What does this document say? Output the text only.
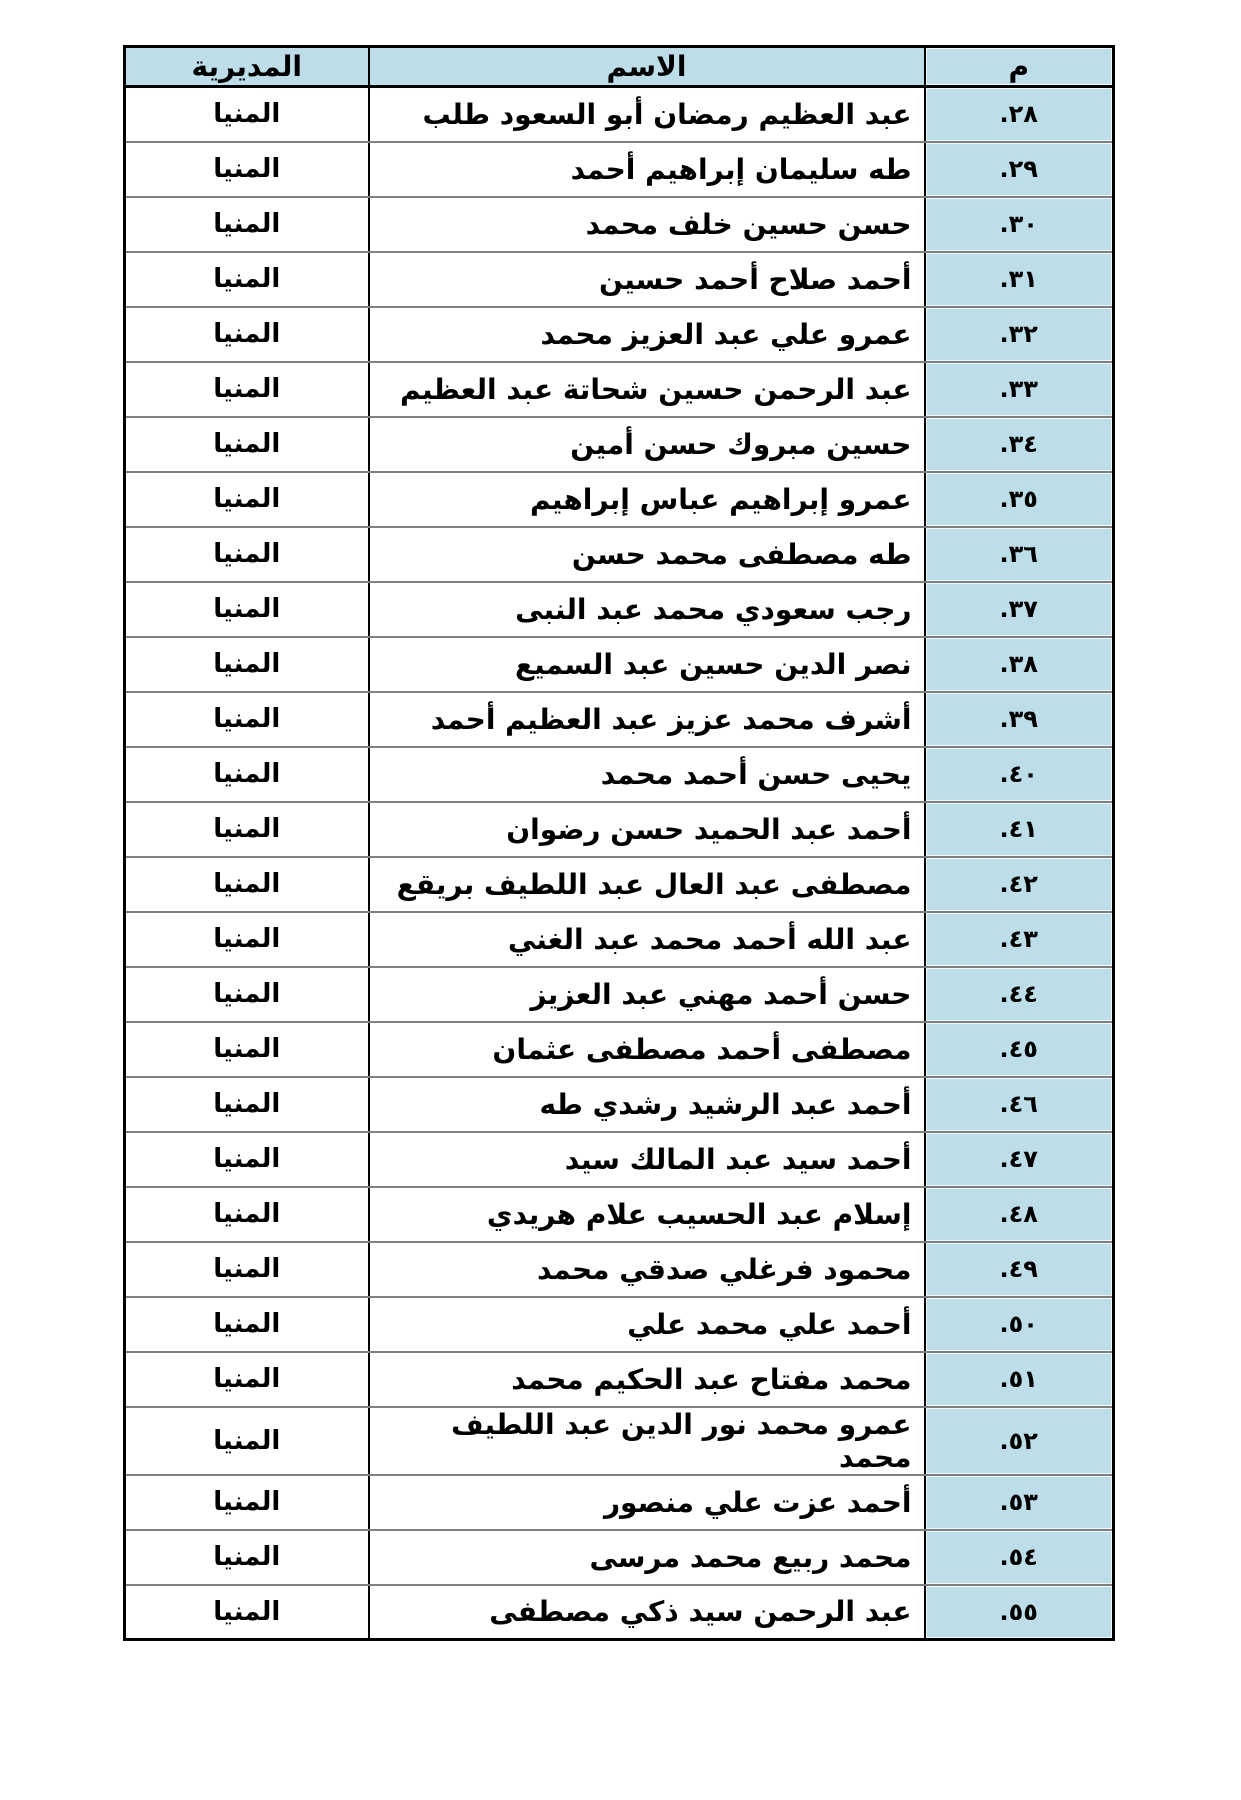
م	الاسم	المديرية
٢٨.	عبد العظيم رمضان أبو السعود طلب	المنيا
٢٩.	طه سليمان إبراهيم أحمد	المنيا
٣٠.	حسن حسين خلف محمد	المنيا
٣١.	أحمد صلاح أحمد حسين	المنيا
٣٢.	عمرو علي عبد العزيز محمد	المنيا
٣٣.	عبد الرحمن حسين شحاتة عبد العظيم	المنيا
٣٤.	حسين مبروك حسن أمين	المنيا
٣٥.	عمرو إبراهيم عباس إبراهيم	المنيا
٣٦.	طه مصطفى محمد حسن	المنيا
٣٧.	رجب سعودي محمد عبد النبى	المنيا
٣٨.	نصر الدين حسين عبد السميع	المنيا
٣٩.	أشرف محمد عزيز عبد العظيم أحمد	المنيا
٤٠.	يحيى حسن أحمد محمد	المنيا
٤١.	أحمد عبد الحميد حسن رضوان	المنيا
٤٢.	مصطفى عبد العال عبد اللطيف بريقع	المنيا
٤٣.	عبد الله أحمد محمد عبد الغني	المنيا
٤٤.	حسن أحمد مهني عبد العزيز	المنيا
٤٥.	مصطفى أحمد مصطفى عثمان	المنيا
٤٦.	أحمد عبد الرشيد رشدي طه	المنيا
٤٧.	أحمد سيد عبد المالك سيد	المنيا
٤٨.	إسلام عبد الحسيب علام هريدي	المنيا
٤٩.	محمود فرغلي صدقي محمد	المنيا
٥٠.	أحمد علي محمد علي	المنيا
٥١.	محمد مفتاح عبد الحكيم محمد	المنيا
٥٢.	عمرو محمد نور الدين عبد اللطيف محمد	المنيا
٥٣.	أحمد عزت علي منصور	المنيا
٥٤.	محمد ربيع محمد مرسى	المنيا
٥٥.	عبد الرحمن سيد ذكي مصطفى	المنيا
